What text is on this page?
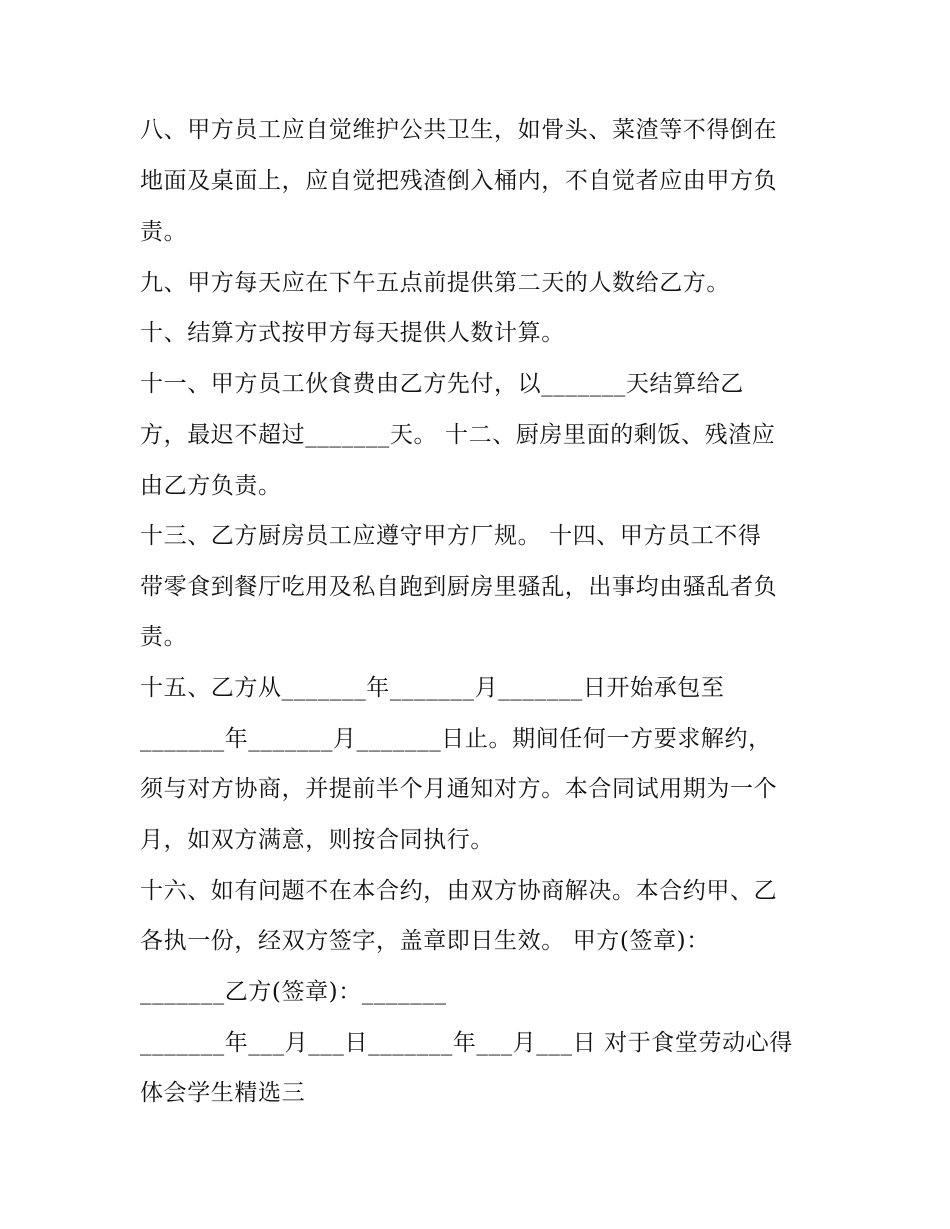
八、甲方员工应自觉维护公共卫生，如骨头、菜渣等不得倒在
地面及桌面上，应自觉把残渣倒入桶内，不自觉者应由甲方负
责。
九、甲方每天应在下午五点前提供第二天的人数给乙方。
十、结算方式按甲方每天提供人数计算。
十一、甲方员工伙食费由乙方先付，以_______天结算给乙
方，最迟不超过_______天。 十二、厨房里面的剩饭、残渣应
由乙方负责。
十三、乙方厨房员工应遵守甲方厂规。 十四、甲方员工不得
带零食到餐厅吃用及私自跑到厨房里骚乱，出事均由骚乱者负
责。
十五、乙方从_______年_______月_______日开始承包至
_______年_______月_______日止。期间任何一方要求解约，
须与对方协商，并提前半个月通知对方。本合同试用期为一个
月，如双方满意，则按合同执行。
十六、如有问题不在本合约，由双方协商解决。本合约甲、乙
各执一份，经双方签字，盖章即日生效。 甲方(签章)：
_______乙方(签章)：_______
_______年___月___日_______年___月___日 对于食堂劳动心得
体会学生精选三
